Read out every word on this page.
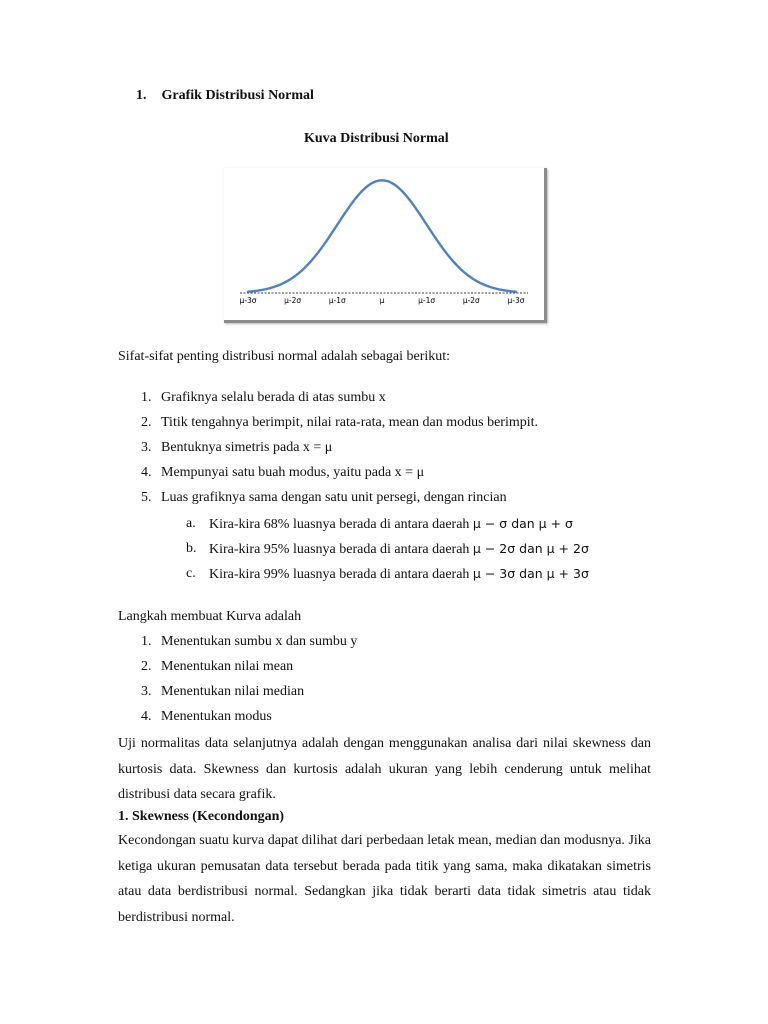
1. Grafik Distribusi Normal
Kuva Distribusi Normal
μ-3σ	μ-2σ	μ-1σ	μ	μ-1σ	μ-2σ	μ-3σ
Sifat-sifat penting distribusi normal adalah sebagai berikut:
1. Grafiknya selalu berada di atas sumbu x
2. Titik tengahnya berimpit, nilai rata-rata, mean dan modus berimpit.
3. Bentuknya simetris pada x = μ
4. Mempunyai satu buah modus, yaitu pada x = μ
5. Luas grafiknya sama dengan satu unit persegi, dengan rincian
a. Kira-kira 68% luasnya berada di antara daerah μ − σ dan μ + σ
b. Kira-kira 95% luasnya berada di antara daerah μ − 2σ dan μ + 2σ
c. Kira-kira 99% luasnya berada di antara daerah μ − 3σ dan μ + 3σ
Langkah membuat Kurva adalah
1. Menentukan sumbu x dan sumbu y
2. Menentukan nilai mean
3. Menentukan nilai median
4. Menentukan modus

Uji normalitas data selanjutnya adalah dengan menggunakan analisa dari nilai skewness dan kurtosis data. Skewness dan kurtosis adalah ukuran yang lebih cenderung untuk melihat distribusi data secara grafik.

1. Skewness (Kecondongan)

Kecondongan suatu kurva dapat dilihat dari perbedaan letak mean, median dan modusnya. Jika ketiga ukuran pemusatan data tersebut berada pada titik yang sama, maka dikatakan simetris atau data berdistribusi normal. Sedangkan jika tidak berarti data tidak simetris atau tidak berdistribusi normal.
